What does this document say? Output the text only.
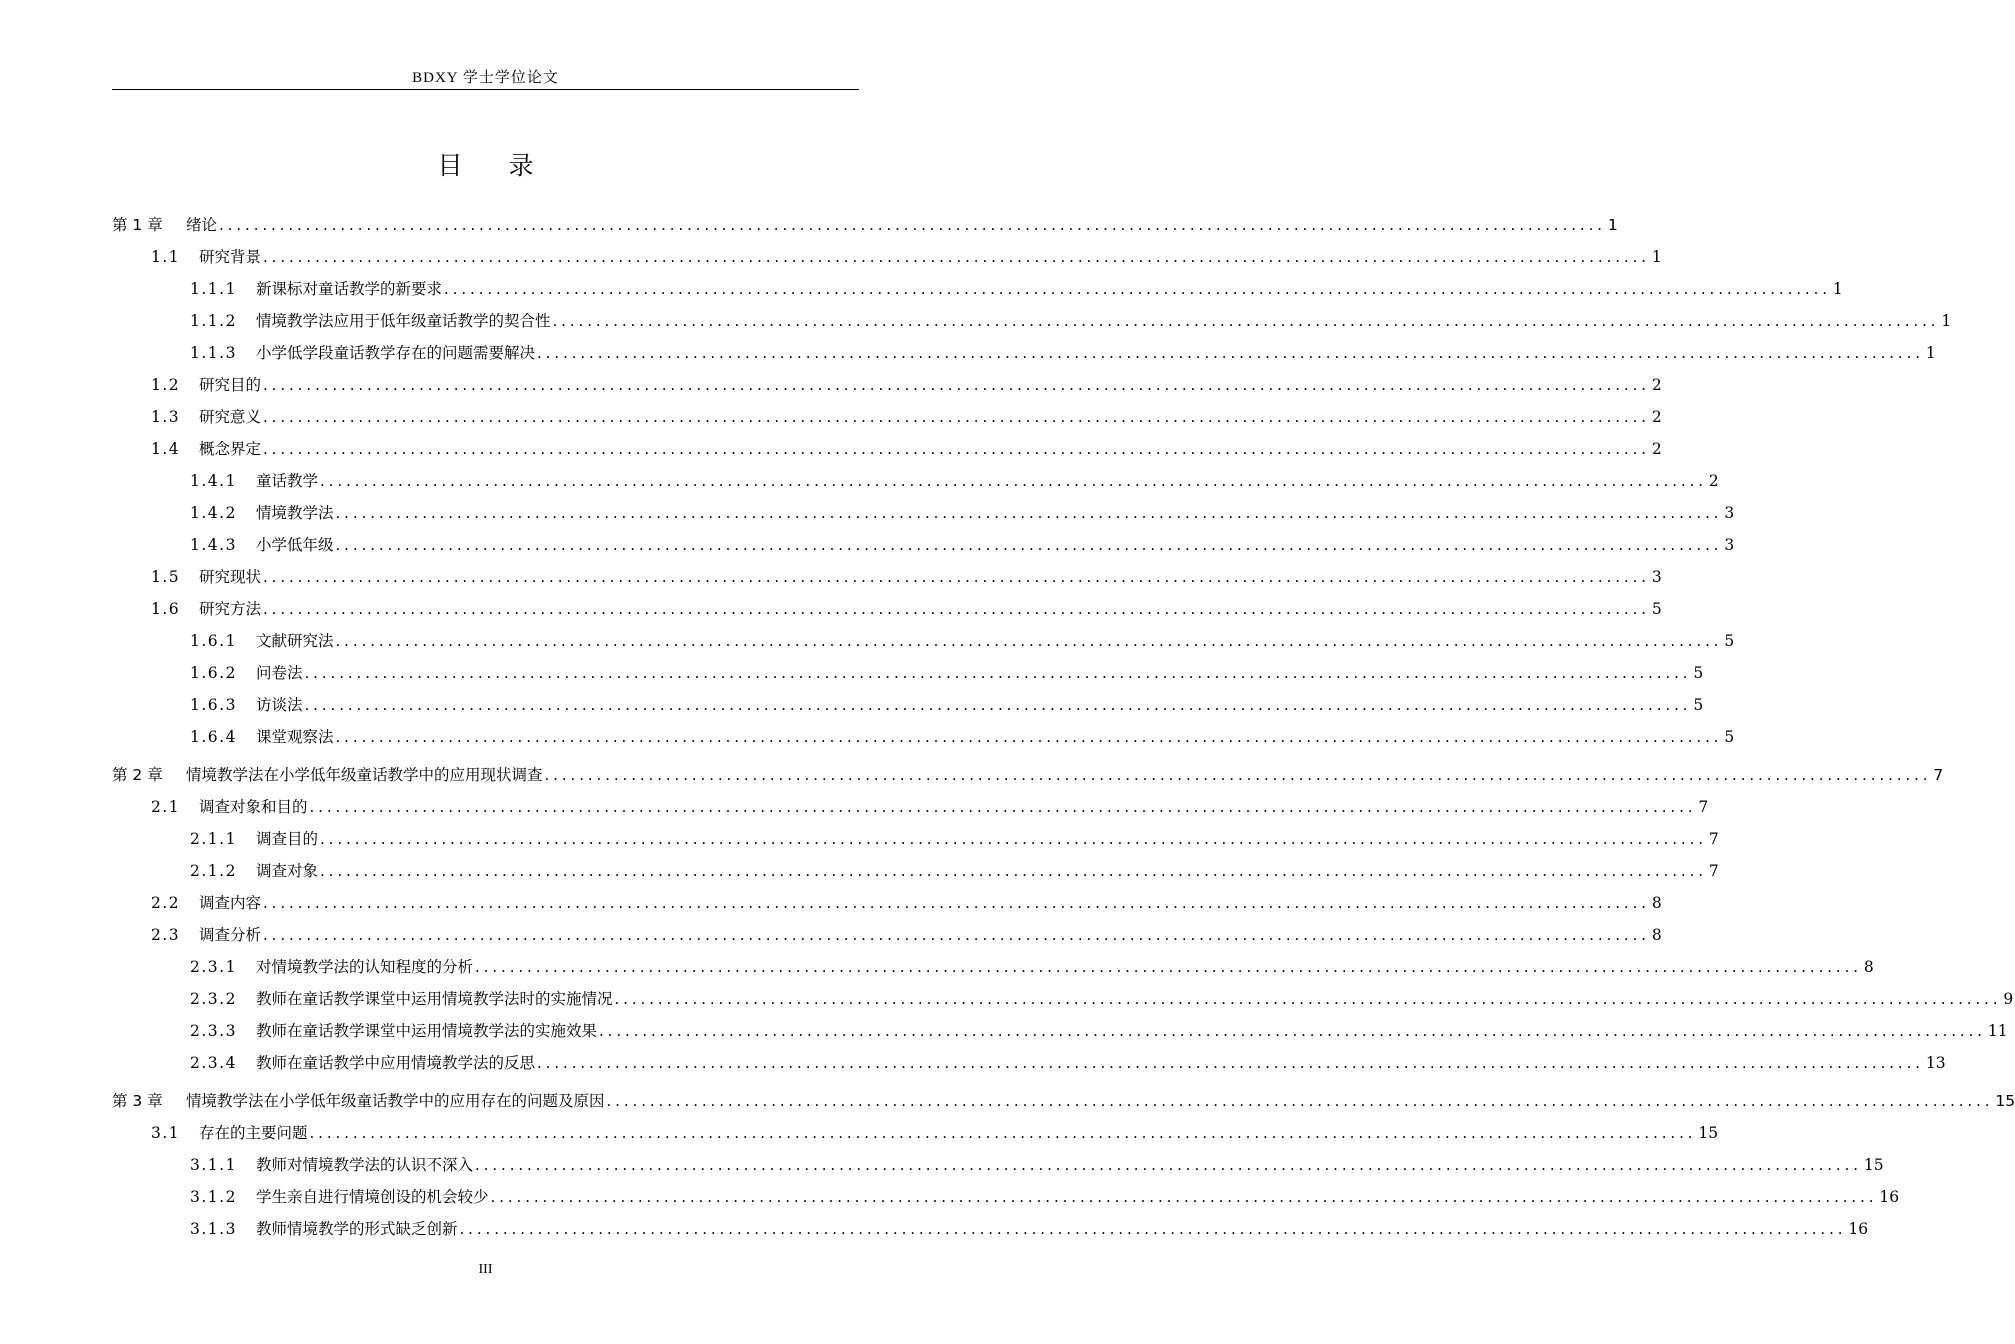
BDXY 学士学位论文
目 录
第 1 章	绪论 ................................................................................................................................................................ 1
1.1	研究背景 ................................................................................................................................................................ 1
1.1.1	新课标对童话教学的新要求 ................................................................................................................................................................ 1
1.1.2	情境教学法应用于低年级童话教学的契合性 ................................................................................................................................................................ 1
1.1.3	小学低学段童话教学存在的问题需要解决 ................................................................................................................................................................ 1
1.2	研究目的 ................................................................................................................................................................ 2
1.3	研究意义 ................................................................................................................................................................ 2
1.4	概念界定 ................................................................................................................................................................ 2
1.4.1	童话教学 ................................................................................................................................................................ 2
1.4.2	情境教学法 ................................................................................................................................................................ 3
1.4.3	小学低年级 ................................................................................................................................................................ 3
1.5	研究现状 ................................................................................................................................................................ 3
1.6	研究方法 ................................................................................................................................................................ 5
1.6.1	文献研究法 ................................................................................................................................................................ 5
1.6.2	问卷法 ................................................................................................................................................................ 5
1.6.3	访谈法 ................................................................................................................................................................ 5
1.6.4	课堂观察法 ................................................................................................................................................................ 5
第 2 章	情境教学法在小学低年级童话教学中的应用现状调查 ................................................................................................................................................................ 7
2.1	调查对象和目的 ................................................................................................................................................................ 7
2.1.1	调查目的 ................................................................................................................................................................ 7
2.1.2	调查对象 ................................................................................................................................................................ 7
2.2	调查内容 ................................................................................................................................................................ 8
2.3	调查分析 ................................................................................................................................................................ 8
2.3.1	对情境教学法的认知程度的分析 ................................................................................................................................................................ 8
2.3.2	教师在童话教学课堂中运用情境教学法时的实施情况 ................................................................................................................................................................ 9
2.3.3	教师在童话教学课堂中运用情境教学法的实施效果 ................................................................................................................................................................ 11
2.3.4	教师在童话教学中应用情境教学法的反思 ................................................................................................................................................................ 13
第 3 章	情境教学法在小学低年级童话教学中的应用存在的问题及原因 ................................................................................................................................................................ 15
3.1	存在的主要问题 ................................................................................................................................................................ 15
3.1.1	教师对情境教学法的认识不深入 ................................................................................................................................................................ 15
3.1.2	学生亲自进行情境创设的机会较少 ................................................................................................................................................................ 16
3.1.3	教师情境教学的形式缺乏创新 ................................................................................................................................................................ 16
III
